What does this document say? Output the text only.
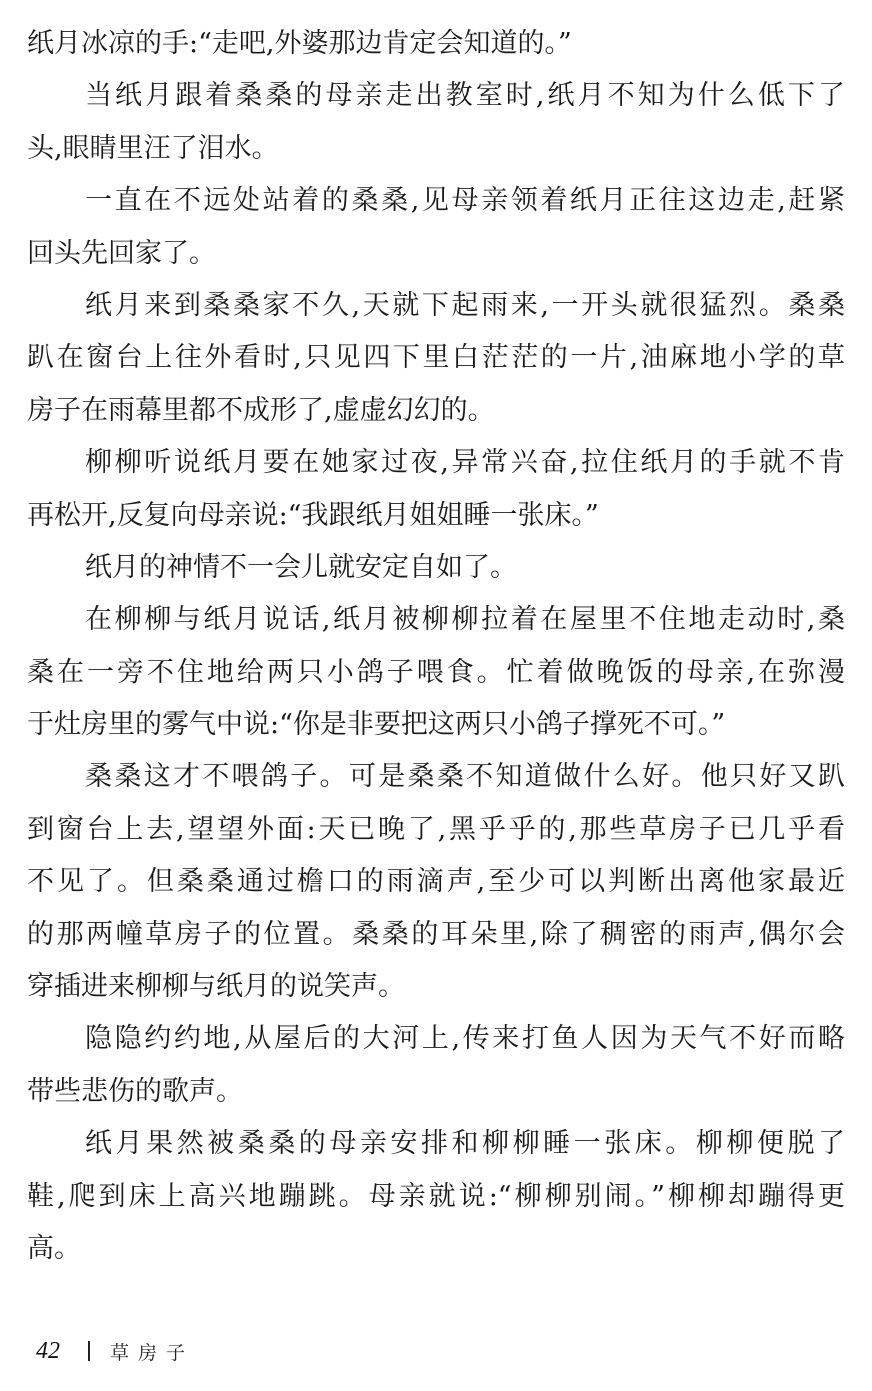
纸月冰凉的手:“走吧,外婆那边肯定会知道的。”
当纸月跟着桑桑的母亲走出教室时,纸月不知为什么低下了
头,眼睛里汪了泪水。
一直在不远处站着的桑桑,见母亲领着纸月正往这边走,赶紧
回头先回家了。
纸月来到桑桑家不久,天就下起雨来,一开头就很猛烈。桑桑
趴在窗台上往外看时,只见四下里白茫茫的一片,油麻地小学的草
房子在雨幕里都不成形了,虚虚幻幻的。
柳柳听说纸月要在她家过夜,异常兴奋,拉住纸月的手就不肯
再松开,反复向母亲说:“我跟纸月姐姐睡一张床。”
纸月的神情不一会儿就安定自如了。
在柳柳与纸月说话,纸月被柳柳拉着在屋里不住地走动时,桑
桑在一旁不住地给两只小鸽子喂食。忙着做晚饭的母亲,在弥漫
于灶房里的雾气中说:“你是非要把这两只小鸽子撑死不可。”
桑桑这才不喂鸽子。可是桑桑不知道做什么好。他只好又趴
到窗台上去,望望外面:天已晚了,黑乎乎的,那些草房子已几乎看
不见了。但桑桑通过檐口的雨滴声,至少可以判断出离他家最近
的那两幢草房子的位置。桑桑的耳朵里,除了稠密的雨声,偶尔会
穿插进来柳柳与纸月的说笑声。
隐隐约约地,从屋后的大河上,传来打鱼人因为天气不好而略
带些悲伤的歌声。
纸月果然被桑桑的母亲安排和柳柳睡一张床。柳柳便脱了
鞋,爬到床上高兴地蹦跳。母亲就说:“柳柳别闹。”柳柳却蹦得更
高。
42	草房子
